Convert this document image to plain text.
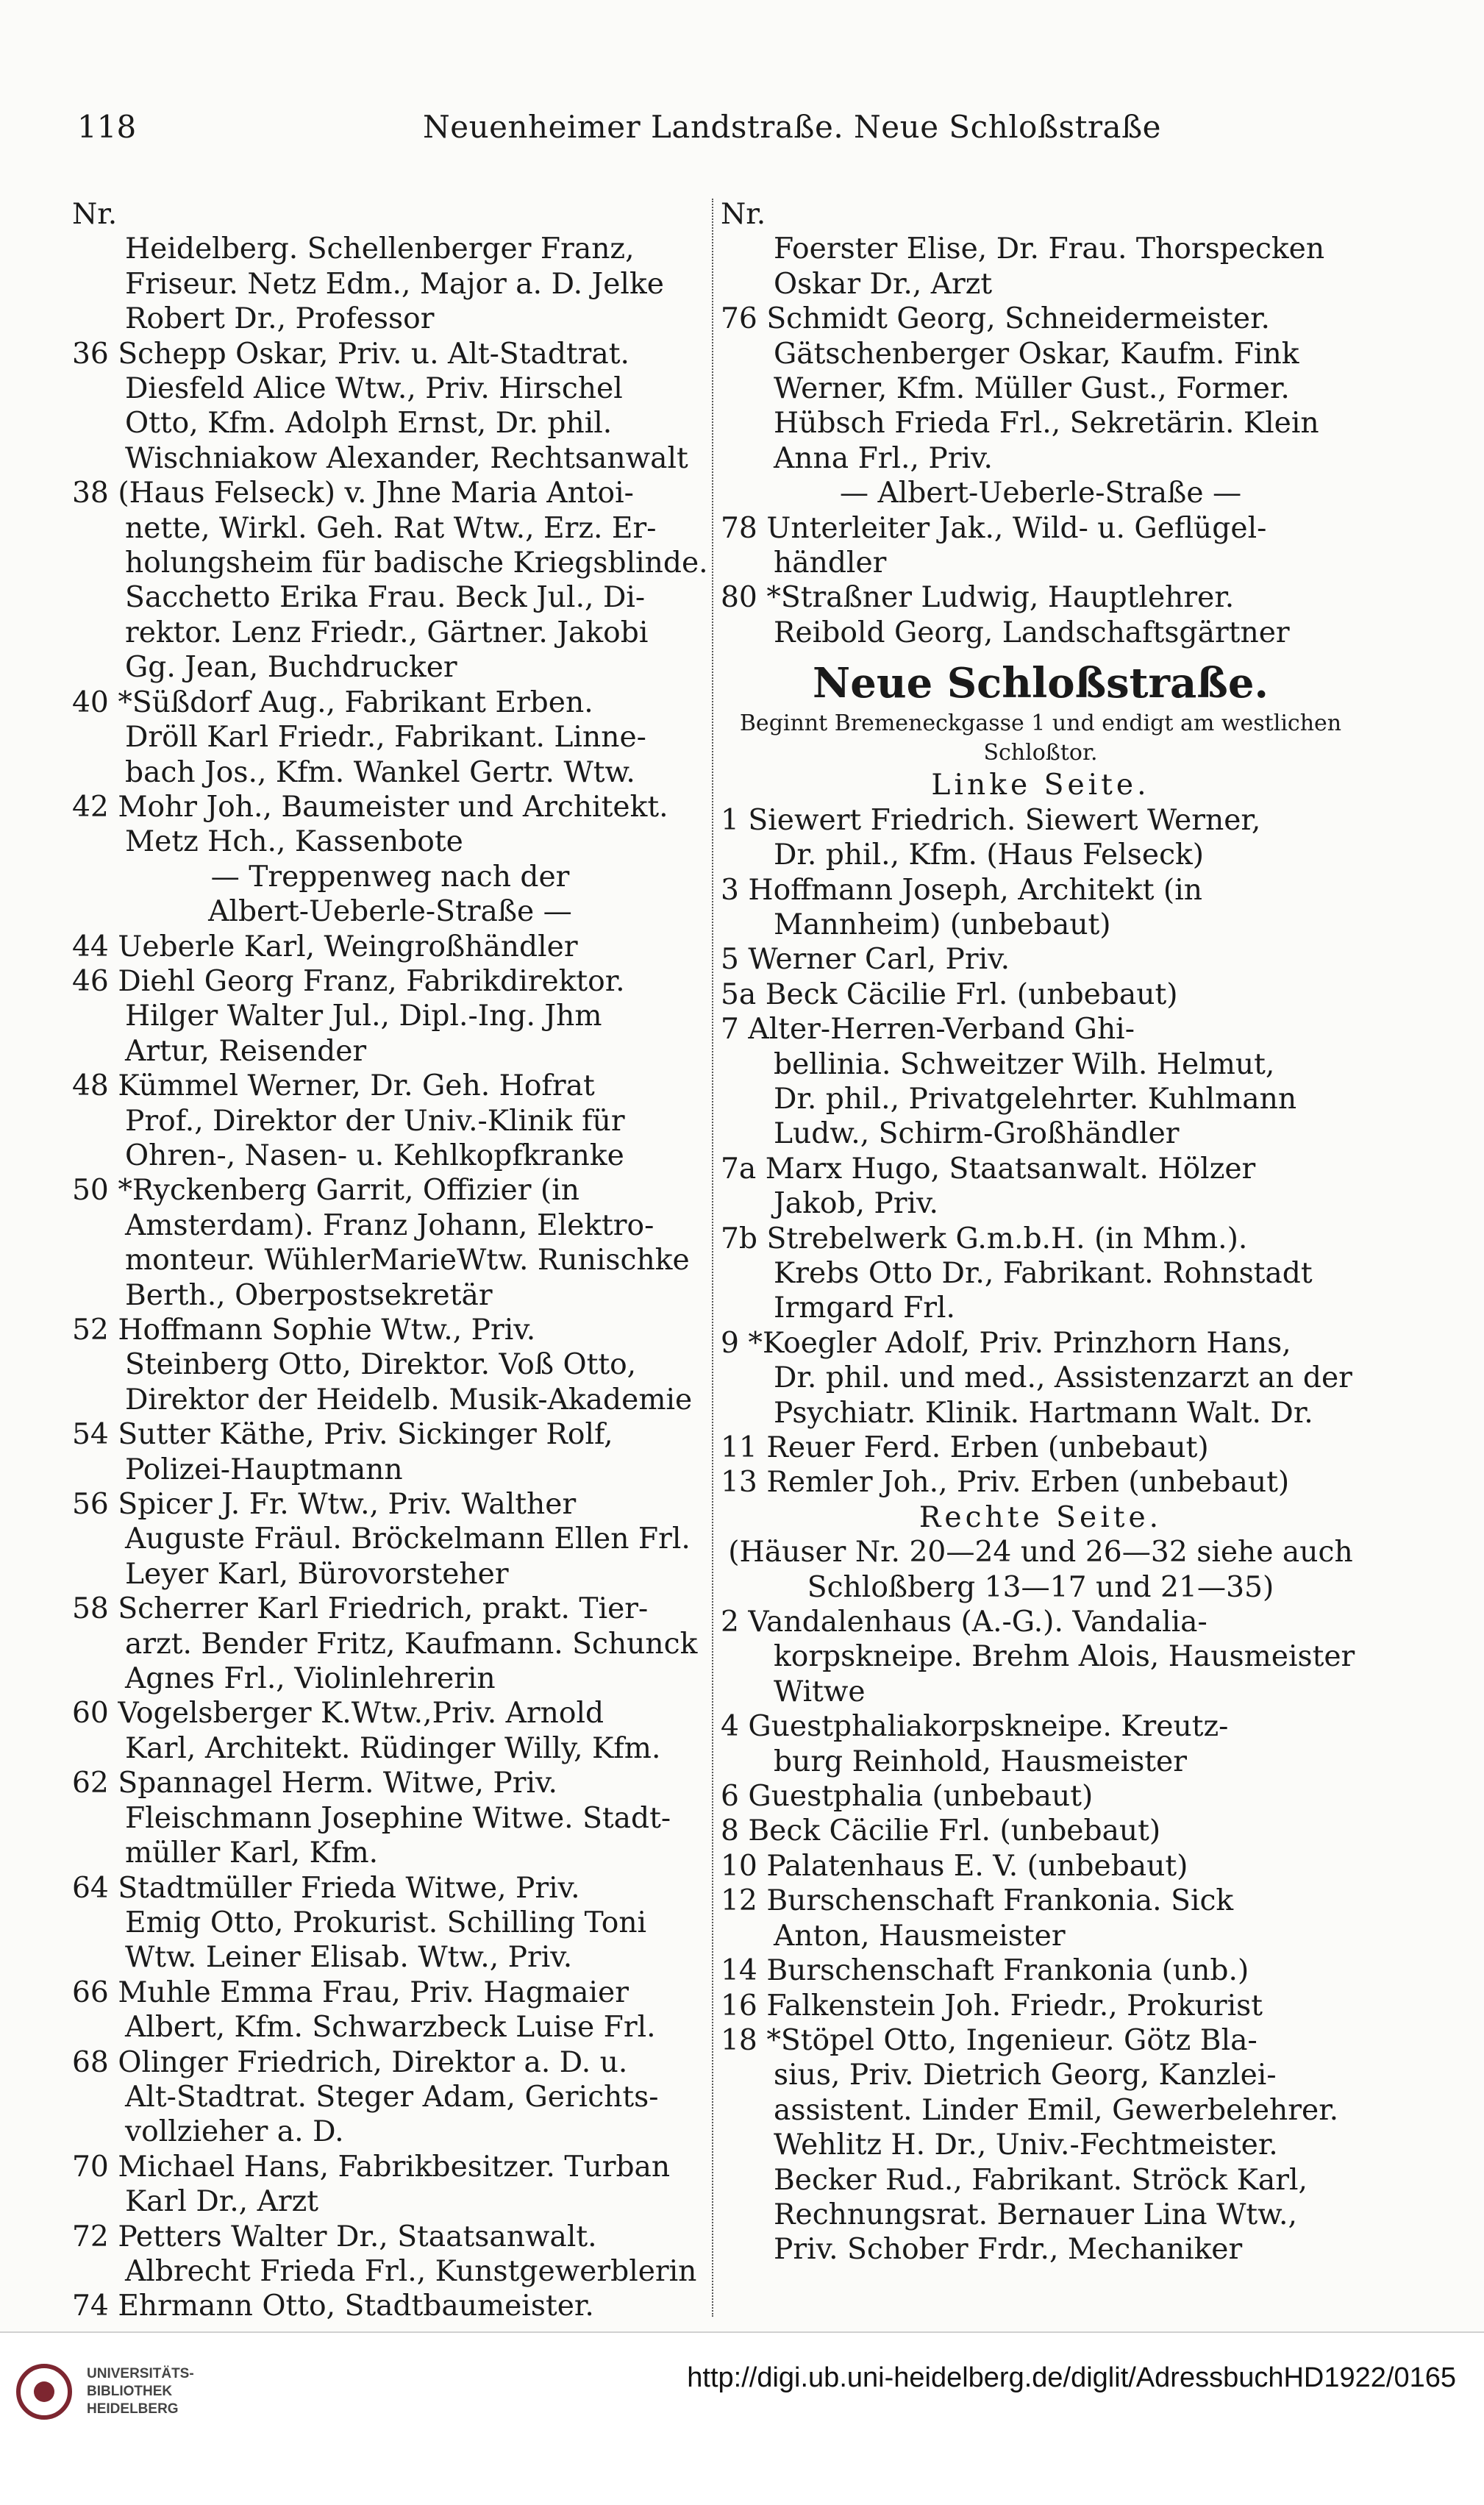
118	Neuenheimer Landstraße. Neue Schloßstraße
Nr.
Heidelberg. Schellenberger Franz,
Friseur. Netz Edm., Major a. D. Jelke
Robert Dr., Professor
36 Schepp Oskar, Priv. u. Alt-Stadtrat.
Diesfeld Alice Wtw., Priv. Hirschel
Otto, Kfm. Adolph Ernst, Dr. phil.
Wischniakow Alexander, Rechtsanwalt
38 (Haus Felseck) v. Jhne Maria Antoi-
nette, Wirkl. Geh. Rat Wtw., Erz. Er-
holungsheim für badische Kriegsblinde.
Sacchetto Erika Frau. Beck Jul., Di-
rektor. Lenz Friedr., Gärtner. Jakobi
Gg. Jean, Buchdrucker
40 *Süßdorf Aug., Fabrikant Erben.
Dröll Karl Friedr., Fabrikant. Linne-
bach Jos., Kfm. Wankel Gertr. Wtw.
42 Mohr Joh., Baumeister und Architekt.
Metz Hch., Kassenbote
— Treppenweg nach der
Albert-Ueberle-Straße —
44 Ueberle Karl, Weingroßhändler
46 Diehl Georg Franz, Fabrikdirektor.
Hilger Walter Jul., Dipl.-Ing. Jhm
Artur, Reisender
48 Kümmel Werner, Dr. Geh. Hofrat
Prof., Direktor der Univ.-Klinik für
Ohren-, Nasen- u. Kehlkopfkranke
50 *Ryckenberg Garrit, Offizier (in
Amsterdam). Franz Johann, Elektro-
monteur. WühlerMarieWtw. Runischke
Berth., Oberpostsekretär
52 Hoffmann Sophie Wtw., Priv.
Steinberg Otto, Direktor. Voß Otto,
Direktor der Heidelb. Musik-Akademie
54 Sutter Käthe, Priv. Sickinger Rolf,
Polizei-Hauptmann
56 Spicer J. Fr. Wtw., Priv. Walther
Auguste Fräul. Bröckelmann Ellen Frl.
Leyer Karl, Bürovorsteher
58 Scherrer Karl Friedrich, prakt. Tier-
arzt. Bender Fritz, Kaufmann. Schunck
Agnes Frl., Violinlehrerin
60 Vogelsberger K.Wtw.,Priv. Arnold
Karl, Architekt. Rüdinger Willy, Kfm.
62 Spannagel Herm. Witwe, Priv.
Fleischmann Josephine Witwe. Stadt-
müller Karl, Kfm.
64 Stadtmüller Frieda Witwe, Priv.
Emig Otto, Prokurist. Schilling Toni
Wtw. Leiner Elisab. Wtw., Priv.
66 Muhle Emma Frau, Priv. Hagmaier
Albert, Kfm. Schwarzbeck Luise Frl.
68 Olinger Friedrich, Direktor a. D. u.
Alt-Stadtrat. Steger Adam, Gerichts-
vollzieher a. D.
70 Michael Hans, Fabrikbesitzer. Turban
Karl Dr., Arzt
72 Petters Walter Dr., Staatsanwalt.
Albrecht Frieda Frl., Kunstgewerblerin
74 Ehrmann Otto, Stadtbaumeister.
Nr.
Foerster Elise, Dr. Frau. Thorspecken
Oskar Dr., Arzt
76 Schmidt Georg, Schneidermeister.
Gätschenberger Oskar, Kaufm. Fink
Werner, Kfm. Müller Gust., Former.
Hübsch Frieda Frl., Sekretärin. Klein
Anna Frl., Priv.
— Albert-Ueberle-Straße —
78 Unterleiter Jak., Wild- u. Geflügel-
händler
80 *Straßner Ludwig, Hauptlehrer.
Reibold Georg, Landschaftsgärtner
Neue Schloßstraße.
Beginnt Bremeneckgasse 1 und endigt am westlichen
Schloßtor.
Linke Seite.
1 Siewert Friedrich. Siewert Werner,
Dr. phil., Kfm. (Haus Felseck)
3 Hoffmann Joseph, Architekt (in
Mannheim) (unbebaut)
5 Werner Carl, Priv.
5a Beck Cäcilie Frl. (unbebaut)
7 Alter-Herren-Verband Ghi-
bellinia. Schweitzer Wilh. Helmut,
Dr. phil., Privatgelehrter. Kuhlmann
Ludw., Schirm-Großhändler
7a Marx Hugo, Staatsanwalt. Hölzer
Jakob, Priv.
7b Strebelwerk G.m.b.H. (in Mhm.).
Krebs Otto Dr., Fabrikant. Rohnstadt
Irmgard Frl.
9 *Koegler Adolf, Priv. Prinzhorn Hans,
Dr. phil. und med., Assistenzarzt an der
Psychiatr. Klinik. Hartmann Walt. Dr.
11 Reuer Ferd. Erben (unbebaut)
13 Remler Joh., Priv. Erben (unbebaut)
Rechte Seite.
(Häuser Nr. 20—24 und 26—32 siehe auch
Schloßberg 13—17 und 21—35)
2 Vandalenhaus (A.-G.). Vandalia-
korpskneipe. Brehm Alois, Hausmeister
Witwe
4 Guestphaliakorpskneipe. Kreutz-
burg Reinhold, Hausmeister
6 Guestphalia (unbebaut)
8 Beck Cäcilie Frl. (unbebaut)
10 Palatenhaus E. V. (unbebaut)
12 Burschenschaft Frankonia. Sick
Anton, Hausmeister
14 Burschenschaft Frankonia (unb.)
16 Falkenstein Joh. Friedr., Prokurist
18 *Stöpel Otto, Ingenieur. Götz Bla-
sius, Priv. Dietrich Georg, Kanzlei-
assistent. Linder Emil, Gewerbelehrer.
Wehlitz H. Dr., Univ.-Fechtmeister.
Becker Rud., Fabrikant. Ströck Karl,
Rechnungsrat. Bernauer Lina Wtw.,
Priv. Schober Frdr., Mechaniker
UNIVERSITÄTS-
BIBLIOTHEK
HEIDELBERG
http://digi.ub.uni-heidelberg.de/diglit/AdressbuchHD1922/0165
